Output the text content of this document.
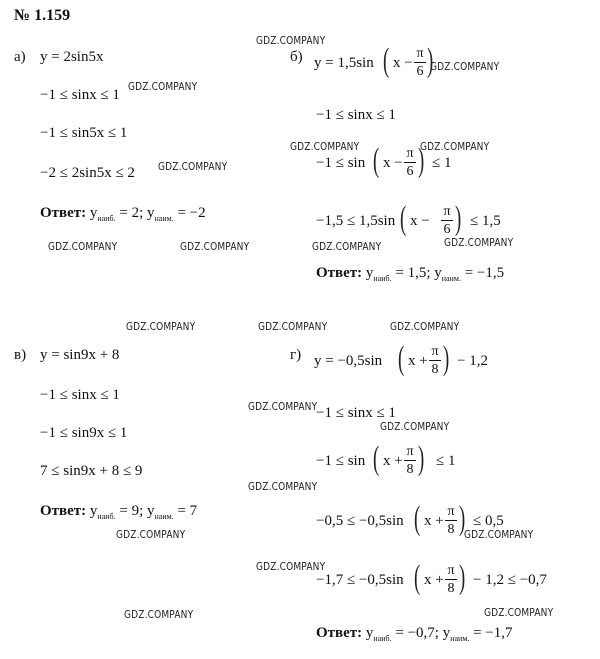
№ 1.159
а) y = 2sin5x
−1 ≤ sinx ≤ 1
−1 ≤ sin5x ≤ 1
−2 ≤ 2sin5x ≤ 2
Ответ: $y_{наиб.} = 2$; $y_{наим.} = -2$
б) y = 1,5sin ( x −
π
6 )
−1 ≤ sinx ≤ 1
−1 ≤ sin ( x −
π
6 ) ≤ 1
−1,5 ≤ 1,5sin ( x −
π
6 ) ≤ 1,5
Ответ: $y_{наиб.} = 1,5$; $y_{наим.} = -1,5$
в) y = sin9x + 8
−1 ≤ sinx ≤ 1
−1 ≤ sin9x ≤ 1
7 ≤ sin9x + 8 ≤ 9
Ответ: $y_{наиб.} = 9$; $y_{наим.} = 7$
г) y = −0,5sin ( x +
π
8 ) − 1,2
−1 ≤ sinx ≤ 1
−1 ≤ sin ( x +
π
8 ) ≤ 1
−0,5 ≤ −0,5sin ( x +
π
8 ) ≤ 0,5
−1,7 ≤ −0,5sin ( x +
π
8 ) − 1,2 ≤ −0,7
Ответ: $y_{наиб.} = -0,7$; $y_{наим.} = -1,7$
GDZ.COMPANY
GDZ.COMPANY
GDZ.COMPANY
GDZ.COMPANY	GDZ.COMPANY
GDZ.COMPANY
GDZ.COMPANY	GDZ.COMPANY	GDZ.COMPANY	GDZ.COMPANY
GDZ.COMPANY	GDZ.COMPANY	GDZ.COMPANY
GDZ.COMPANY
GDZ.COMPANY
GDZ.COMPANY
GDZ.COMPANY	GDZ.COMPANY
GDZ.COMPANY
GDZ.COMPANY	GDZ.COMPANY
